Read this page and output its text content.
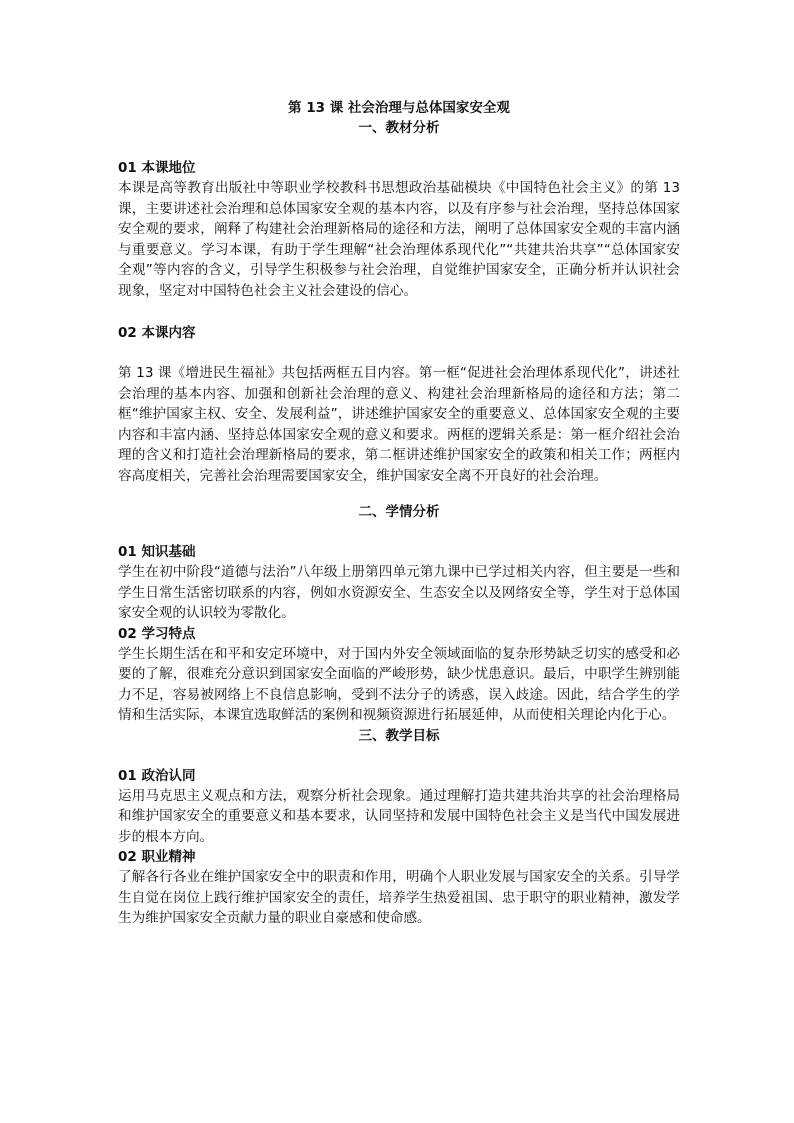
第 13 课 社会治理与总体国家安全观
一、教材分析
01 本课地位

本课是高等教育出版社中等职业学校教科书思想政治基础模块《中国特色社会主义》的第 13 课，主要讲述社会治理和总体国家安全观的基本内容，以及有序参与社会治理，坚持总体国家安全观的要求，阐释了构建社会治理新格局的途径和方法，阐明了总体国家安全观的丰富内涵与重要意义。学习本课，有助于学生理解“社会治理体系现代化”“共建共治共享”“总体国家安全观”等内容的含义，引导学生积极参与社会治理，自觉维护国家安全，正确分析并认识社会现象，坚定对中国特色社会主义社会建设的信心。

02 本课内容

第 13 课《增进民生福祉》共包括两框五目内容。第一框“促进社会治理体系现代化”，讲述社会治理的基本内容、加强和创新社会治理的意义、构建社会治理新格局的途径和方法；第二框“维护国家主权、安全、发展利益”，讲述维护国家安全的重要意义、总体国家安全观的主要内容和丰富内涵、坚持总体国家安全观的意义和要求。两框的逻辑关系是：第一框介绍社会治理的含义和打造社会治理新格局的要求，第二框讲述维护国家安全的政策和相关工作；两框内容高度相关，完善社会治理需要国家安全，维护国家安全离不开良好的社会治理。

二、学情分析
01 知识基础

学生在初中阶段“道德与法治”八年级上册第四单元第九课中已学过相关内容，但主要是一些和学生日常生活密切联系的内容，例如水资源安全、生态安全以及网络安全等，学生对于总体国家安全观的认识较为零散化。

02 学习特点

学生长期生活在和平和安定环境中，对于国内外安全领域面临的复杂形势缺乏切实的感受和必要的了解，很难充分意识到国家安全面临的严峻形势，缺少忧患意识。最后，中职学生辨别能力不足，容易被网络上不良信息影响，受到不法分子的诱惑，误入歧途。因此，结合学生的学情和生活实际，本课宜选取鲜活的案例和视频资源进行拓展延伸，从而使相关理论内化于心。

三、教学目标
01 政治认同

运用马克思主义观点和方法，观察分析社会现象。通过理解打造共建共治共享的社会治理格局和维护国家安全的重要意义和基本要求，认同坚持和发展中国特色社会主义是当代中国发展进步的根本方向。

02 职业精神

了解各行各业在维护国家安全中的职责和作用，明确个人职业发展与国家安全的关系。引导学生自觉在岗位上践行维护国家安全的责任，培养学生热爱祖国、忠于职守的职业精神，激发学生为维护国家安全贡献力量的职业自豪感和使命感。
